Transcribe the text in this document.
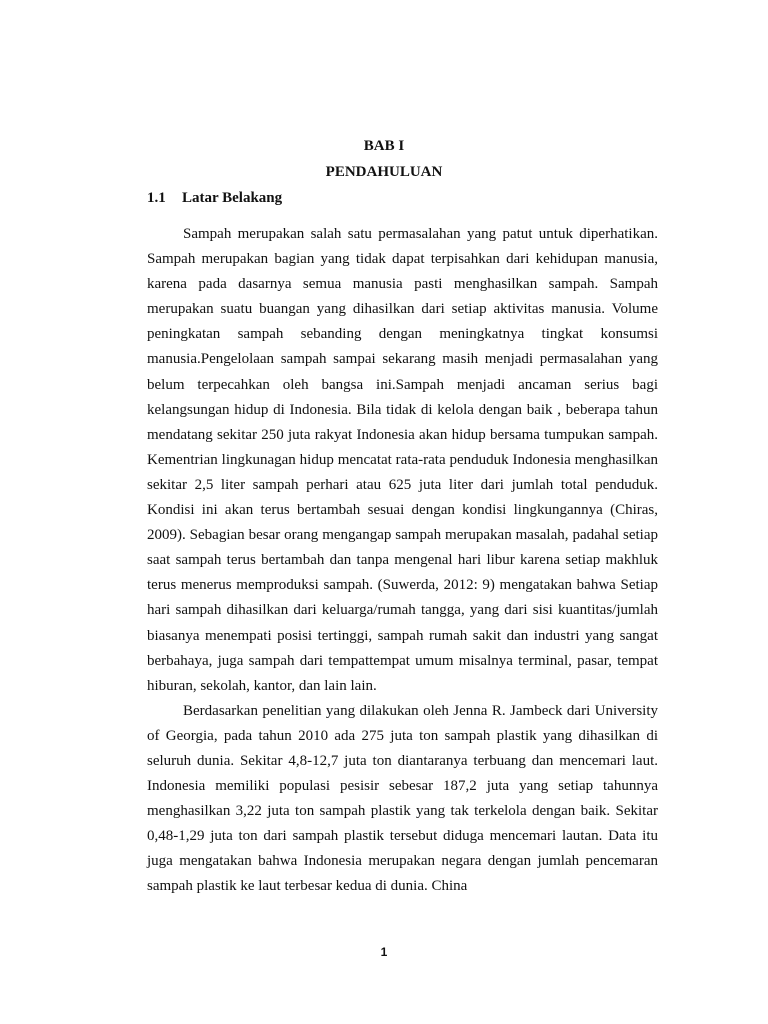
BAB I
PENDAHULUAN
1.1 Latar Belakang

Sampah merupakan salah satu permasalahan yang patut untuk diperhatikan. Sampah merupakan bagian yang tidak dapat terpisahkan dari kehidupan manusia, karena pada dasarnya semua manusia pasti menghasilkan sampah. Sampah merupakan suatu buangan yang dihasilkan dari setiap aktivitas manusia. Volume peningkatan sampah sebanding dengan meningkatnya tingkat konsumsi manusia.Pengelolaan sampah sampai sekarang masih menjadi permasalahan yang belum terpecahkan oleh bangsa ini.Sampah menjadi ancaman serius bagi kelangsungan hidup di Indonesia. Bila tidak di kelola dengan baik , beberapa tahun mendatang sekitar 250 juta rakyat Indonesia akan hidup bersama tumpukan sampah. Kementrian lingkunagan hidup mencatat rata-rata penduduk Indonesia menghasilkan sekitar 2,5 liter sampah perhari atau 625 juta liter dari jumlah total penduduk. Kondisi ini akan terus bertambah sesuai dengan kondisi lingkungannya (Chiras, 2009). Sebagian besar orang mengangap sampah merupakan masalah, padahal setiap saat sampah terus bertambah dan tanpa mengenal hari libur karena setiap makhluk terus menerus memproduksi sampah. (Suwerda, 2012: 9) mengatakan bahwa Setiap hari sampah dihasilkan dari keluarga/rumah tangga, yang dari sisi kuantitas/jumlah biasanya menempati posisi tertinggi, sampah rumah sakit dan industri yang sangat berbahaya, juga sampah dari tempattempat umum misalnya terminal, pasar, tempat hiburan, sekolah, kantor, dan lain lain.

Berdasarkan penelitian yang dilakukan oleh Jenna R. Jambeck dari University of Georgia, pada tahun 2010 ada 275 juta ton sampah plastik yang dihasilkan di seluruh dunia. Sekitar 4,8-12,7 juta ton diantaranya terbuang dan mencemari laut. Indonesia memiliki populasi pesisir sebesar 187,2 juta yang setiap tahunnya menghasilkan 3,22 juta ton sampah plastik yang tak terkelola dengan baik. Sekitar 0,48-1,29 juta ton dari sampah plastik tersebut diduga mencemari lautan. Data itu juga mengatakan bahwa Indonesia merupakan negara dengan jumlah pencemaran sampah plastik ke laut terbesar kedua di dunia. China

1
